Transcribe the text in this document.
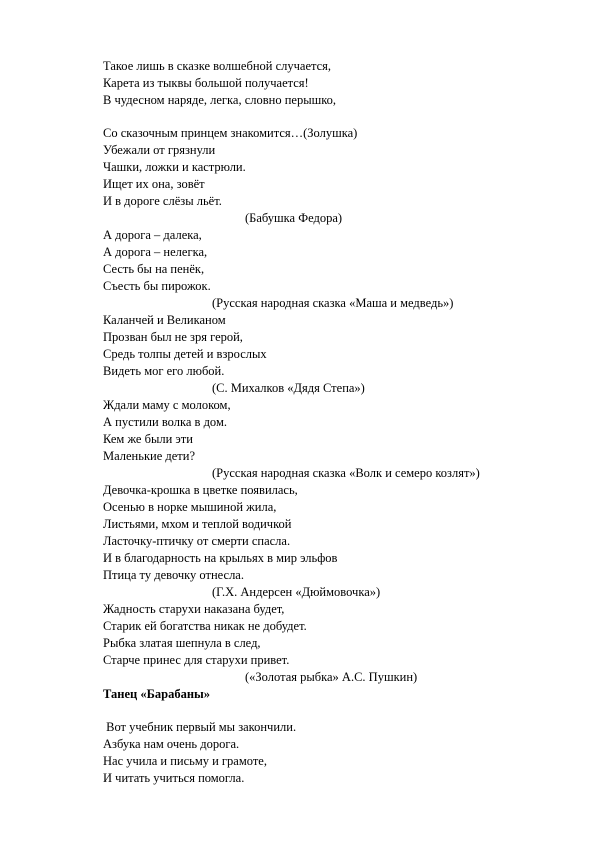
Такое лишь в сказке волшебной случается,
Карета из тыквы большой получается!
В чудесном наряде, легка, словно перышко,
Со сказочным принцем знакомится…(Золушка)
Убежали от грязнули
Чашки, ложки и кастрюли.
Ищет их она, зовёт
И в дороге слёзы льёт.
(Бабушка Федора)
А дорога – далека,
А дорога – нелегка,
Сесть бы на пенёк,
Съесть бы пирожок.
(Русская народная сказка «Маша и медведь»)
Каланчей и Великаном
Прозван был не зря герой,
Средь толпы детей и взрослых
Видеть мог его любой.
(С. Михалков «Дядя Степа»)
Ждали маму с молоком,
А пустили волка в дом.
Кем же были эти
Маленькие дети?
(Русская народная сказка «Волк и семеро козлят»)
Девочка-крошка в цветке появилась,
Осенью в норке мышиной жила,
Листьями, мхом и теплой водичкой
Ласточку-птичку от смерти спасла.
И в благодарность на крыльях в мир эльфов
Птица ту девочку отнесла.
(Г.Х. Андерсен «Дюймовочка»)
Жадность старухи наказана будет,
Старик ей богатства никак не добудет.
Рыбка златая шепнула в след,
Старче принес для старухи привет.
(«Золотая рыбка» А.С. Пушкин)
Танец «Барабаны»
Вот учебник первый мы закончили.
Азбука нам очень дорога.
Нас учила и письму и грамоте,
И читать учиться помогла.
